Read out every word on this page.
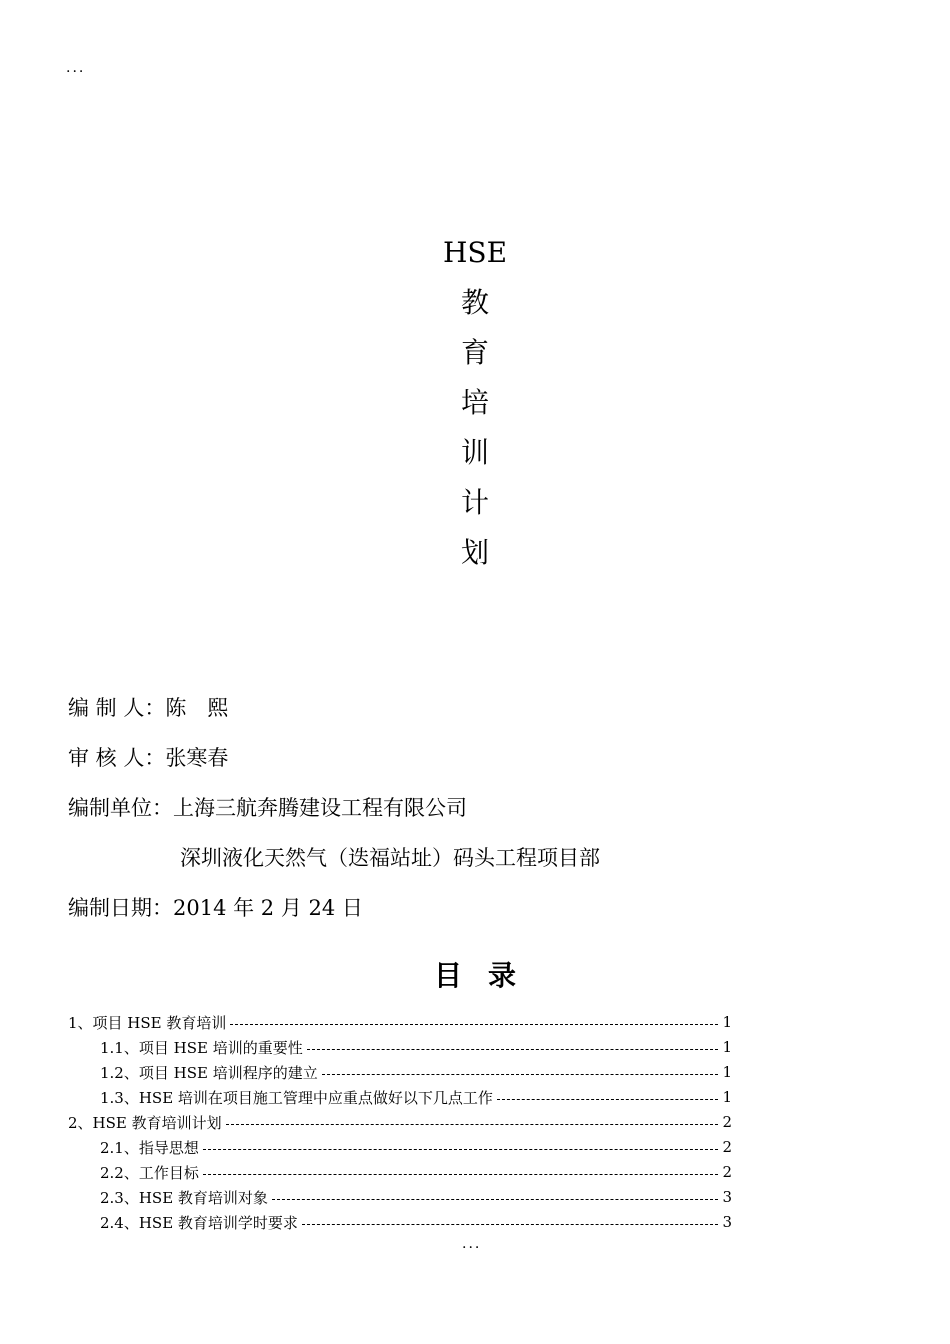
...
HSE
教
育
培
训
计
划
编 制 人：陈　熙
审 核 人：张寒春
编制单位：上海三航奔腾建设工程有限公司
深圳液化天然气（迭福站址）码头工程项目部
编制日期：2014 年 2 月 24 日
目录
1、项目 HSE 教育培训	1
1.1、项目 HSE 培训的重要性	1
1.2、项目 HSE 培训程序的建立	1
1.3、HSE 培训在项目施工管理中应重点做好以下几点工作	1
2、HSE 教育培训计划	2
2.1、指导思想	2
2.2、工作目标	2
2.3、HSE 教育培训对象	3
2.4、HSE 教育培训学时要求	3
...
